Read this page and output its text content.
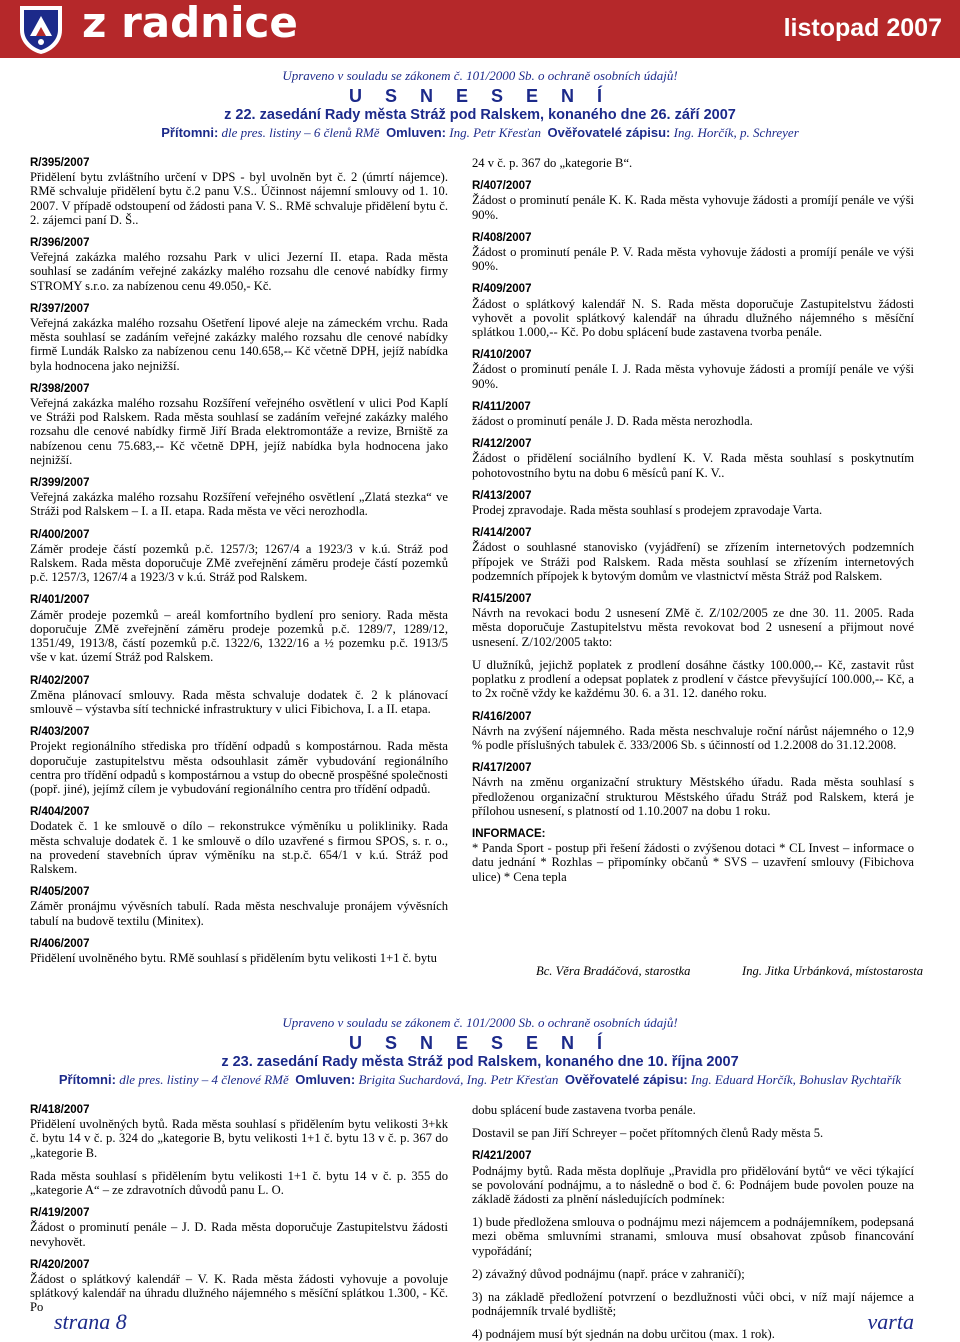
z radnice	listopad 2007
Upraveno v souladu se zákonem č. 101/2000 Sb. o ochraně osobních údajů!
U S N E S E N Í
z 22. zasedání Rady města Stráž pod Ralskem, konaného dne 26. září 2007
Přítomni: dle pres. listiny – 6 členů RMě Omluven: Ing. Petr Křesťan Ověřovatelé zápisu: Ing. Horčík, p. Schreyer

R/395/2007

Přidělení bytu zvláštního určení v DPS - byl uvolněn byt č. 2 (úmrtí nájemce). RMě schvaluje přidělení bytu č.2 panu V.S.. Účinnost nájemní smlouvy od 1. 10. 2007. V případě odstoupení od žádosti pana V. S.. RMě schvaluje přidělení bytu č. 2. zájemci paní D. Š..

R/396/2007

Veřejná zakázka malého rozsahu Park v ulici Jezerní II. etapa. Rada města souhlasí se zadáním veřejné zakázky malého rozsahu dle cenové nabídky firmy STROMY s.r.o. za nabízenou cenu 49.050,- Kč.

R/397/2007

Veřejná zakázka malého rozsahu Ošetření lipové aleje na zámeckém vrchu. Rada města souhlasí se zadáním veřejné zakázky malého rozsahu dle cenové nabídky firmě Lundák Ralsko za nabízenou cenu 140.658,-- Kč včetně DPH, jejíž nabídka byla hodnocena jako nejnižší.

R/398/2007

Veřejná zakázka malého rozsahu Rozšíření veřejného osvětlení v ulici Pod Kaplí ve Stráži pod Ralskem. Rada města souhlasí se zadáním veřejné zakázky malého rozsahu dle cenové nabídky firmě Jiří Brada elektromontáže a revize, Brniště za nabízenou cenu 75.683,-- Kč včetně DPH, jejíž nabídka byla hodnocena jako nejnižší.

R/399/2007

Veřejná zakázka malého rozsahu Rozšíření veřejného osvětlení „Zlatá stezka“ ve Stráži pod Ralskem – I. a II. etapa. Rada města ve věci nerozhodla.

R/400/2007

Záměr prodeje částí pozemků p.č. 1257/3; 1267/4 a 1923/3 v k.ú. Stráž pod Ralskem. Rada města doporučuje ZMě zveřejnění záměru prodeje částí pozemků p.č. 1257/3, 1267/4 a 1923/3 v k.ú. Stráž pod Ralskem.

R/401/2007

Záměr prodeje pozemků – areál komfortního bydlení pro seniory. Rada města doporučuje ZMě zveřejnění záměru prodeje pozemků p.č. 1289/7, 1289/12, 1351/49, 1913/8, částí pozemků p.č. 1322/6, 1322/16 a ½ pozemku p.č. 1913/5 vše v kat. území Stráž pod Ralskem.

R/402/2007

Změna plánovací smlouvy. Rada města schvaluje dodatek č. 2 k plánovací smlouvě – výstavba sítí technické infrastruktury v ulici Fibichova, I. a II. etapa.

R/403/2007

Projekt regionálního střediska pro třídění odpadů s kompostárnou. Rada města doporučuje zastupitelstvu města odsouhlasit záměr vybudování regionálního centra pro třídění odpadů s kompostárnou a vstup do obecně prospěšné společnosti (popř. jiné), jejímž cílem je vybudování regionálního centra pro třídění odpadů.

R/404/2007

Dodatek č. 1 ke smlouvě o dílo – rekonstrukce výměníku u polikliniky. Rada města schvaluje dodatek č. 1 ke smlouvě o dílo uzavřené s firmou SPOS, s. r. o., na provedení stavebních úprav výměníku na st.p.č. 654/1 v k.ú. Stráž pod Ralskem.

R/405/2007

Záměr pronájmu vývěsních tabulí. Rada města neschvaluje pronájem vývěsních tabulí na budově textilu (Minitex).

R/406/2007

Přidělení uvolněného bytu. RMě souhlasí s přidělením bytu velikosti 1+1 č. bytu

24 v č. p. 367 do „kategorie B“.

R/407/2007

Žádost o prominutí penále K. K. Rada města vyhovuje žádosti a promíjí penále ve výši 90%.

R/408/2007

Žádost o prominutí penále P. V. Rada města vyhovuje žádosti a promíjí penále ve výši 90%.

R/409/2007

Žádost o splátkový kalendář N. S. Rada města doporučuje Zastupitelstvu žádosti vyhovět a povolit splátkový kalendář na úhradu dlužného nájemného s měsíční splátkou 1.000,-- Kč. Po dobu splácení bude zastavena tvorba penále.

R/410/2007

Žádost o prominutí penále I. J. Rada města vyhovuje žádosti a promíjí penále ve výši 90%.

R/411/2007

žádost o prominutí penále J. D. Rada města nerozhodla.

R/412/2007

Žádost o přidělení sociálního bydlení K. V. Rada města souhlasí s poskytnutím pohotovostního bytu na dobu 6 měsíců paní K. V..

R/413/2007

Prodej zpravodaje. Rada města souhlasí s prodejem zpravodaje Varta.

R/414/2007

Žádost o souhlasné stanovisko (vyjádření) se zřízením internetových podzemních přípojek ve Stráži pod Ralskem. Rada města souhlasí se zřízením internetových podzemních přípojek k bytovým domům ve vlastnictví města Stráž pod Ralskem.

R/415/2007

Návrh na revokaci bodu 2 usnesení ZMě č. Z/102/2005 ze dne 30. 11. 2005. Rada města doporučuje Zastupitelstvu města revokovat bod 2 usnesení a přijmout nové usnesení. Z/102/2005 takto:

U dlužníků, jejichž poplatek z prodlení dosáhne částky 100.000,-- Kč, zastavit růst poplatku z prodlení a odepsat poplatek z prodlení v částce převyšující 100.000,-- Kč, a to 2x ročně vždy ke každému 30. 6. a 31. 12. daného roku.

R/416/2007

Návrh na zvýšení nájemného. Rada města neschvaluje roční nárůst nájemného o 12,9 % podle příslušných tabulek č. 333/2006 Sb. s účinností od 1.2.2008 do 31.12.2008.

R/417/2007

Návrh na změnu organizační struktury Městského úřadu. Rada města souhlasí s předloženou organizační strukturou Městského úřadu Stráž pod Ralskem, která je přílohou usnesení, s platností od 1.10.2007 na dobu 1 roku.

INFORMACE:

* Panda Sport - postup při řešení žádosti o zvýšenou dotaci * CL Invest – informace o datu jednání * Rozhlas – připomínky občanů * SVS – uzavření smlouvy (Fibichova ulice) * Cena tepla

Bc. Věra Bradáčová, starostka	Ing. Jitka Urbánková, místostarosta
Upraveno v souladu se zákonem č. 101/2000 Sb. o ochraně osobních údajů!
U S N E S E N Í
z 23. zasedání Rady města Stráž pod Ralskem, konaného dne 10. října 2007
Přítomni: dle pres. listiny – 4 členové RMě Omluven: Brigita Suchardová, Ing. Petr Křesťan Ověřovatelé zápisu: Ing. Eduard Horčík, Bohuslav Rychtařík

R/418/2007

Přidělení uvolněných bytů. Rada města souhlasí s přidělením bytu velikosti 3+kk č. bytu 14 v č. p. 324 do „kategorie B, bytu velikosti 1+1 č. bytu 13 v č. p. 367 do „kategorie B.

Rada města souhlasí s přidělením bytu velikosti 1+1 č. bytu 14 v č. p. 355 do „kategorie A“ – ze zdravotních důvodů panu L. O.

R/419/2007

Žádost o prominutí penále – J. D. Rada města doporučuje Zastupitelstvu žádosti nevyhovět.

R/420/2007

Žádost o splátkový kalendář – V. K. Rada města žádosti vyhovuje a povoluje splátkový kalendář na úhradu dlužného nájemného s měsíční splátkou 1.300, - Kč. Po

dobu splácení bude zastavena tvorba penále.

Dostavil se pan Jiří Schreyer – počet přítomných členů Rady města 5.

R/421/2007

Podnájmy bytů. Rada města doplňuje „Pravidla pro přidělování bytů“ ve věci týkající se povolování podnájmu, a to následně o bod č. 6: Podnájem bude povolen pouze na základě žádosti za plnění následujících podmínek:

1) bude předložena smlouva o podnájmu mezi nájemcem a podnájemníkem, podepsaná mezi oběma smluvními stranami, smlouva musí obsahovat způsob financování vypořádání;

2) závažný důvod podnájmu (např. práce v zahraničí);

3) na základě předložení potvrzení o bezdlužnosti vůči obci, v níž mají nájemce a podnájemník trvalé bydliště;

4) podnájem musí být sjednán na dobu určitou (max. 1 rok).

strana 8	varta
